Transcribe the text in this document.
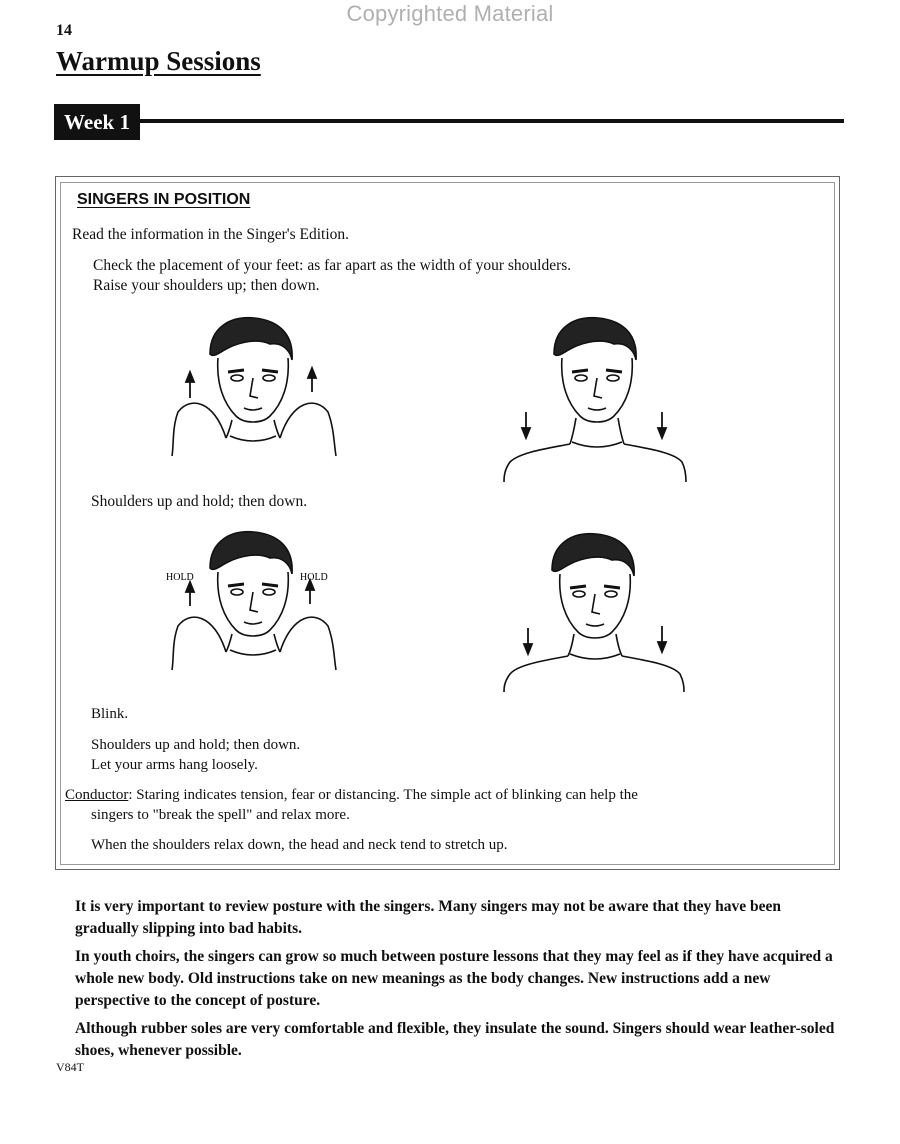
Copyrighted Material
14
Warmup Sessions
Week 1
SINGERS IN POSITION
Read the information in the Singer's Edition.
Check the placement of your feet: as far apart as the width of your shoulders.
Raise your shoulders up; then down.
Shoulders up and hold; then down.
HOLD	HOLD
Blink.
Shoulders up and hold; then down.
Let your arms hang loosely.
Conductor: Staring indicates tension, fear or distancing. The simple act of blinking can help the
singers to "break the spell" and relax more.
When the shoulders relax down, the head and neck tend to stretch up.

It is very important to review posture with the singers. Many singers may not be aware that they have been gradually slipping into bad habits.

In youth choirs, the singers can grow so much between posture lessons that they may feel as if they have acquired a whole new body. Old instructions take on new meanings as the body changes. New instructions add a new perspective to the concept of posture.

Although rubber soles are very comfortable and flexible, they insulate the sound. Singers should wear leather-soled shoes, whenever possible.

V84T
